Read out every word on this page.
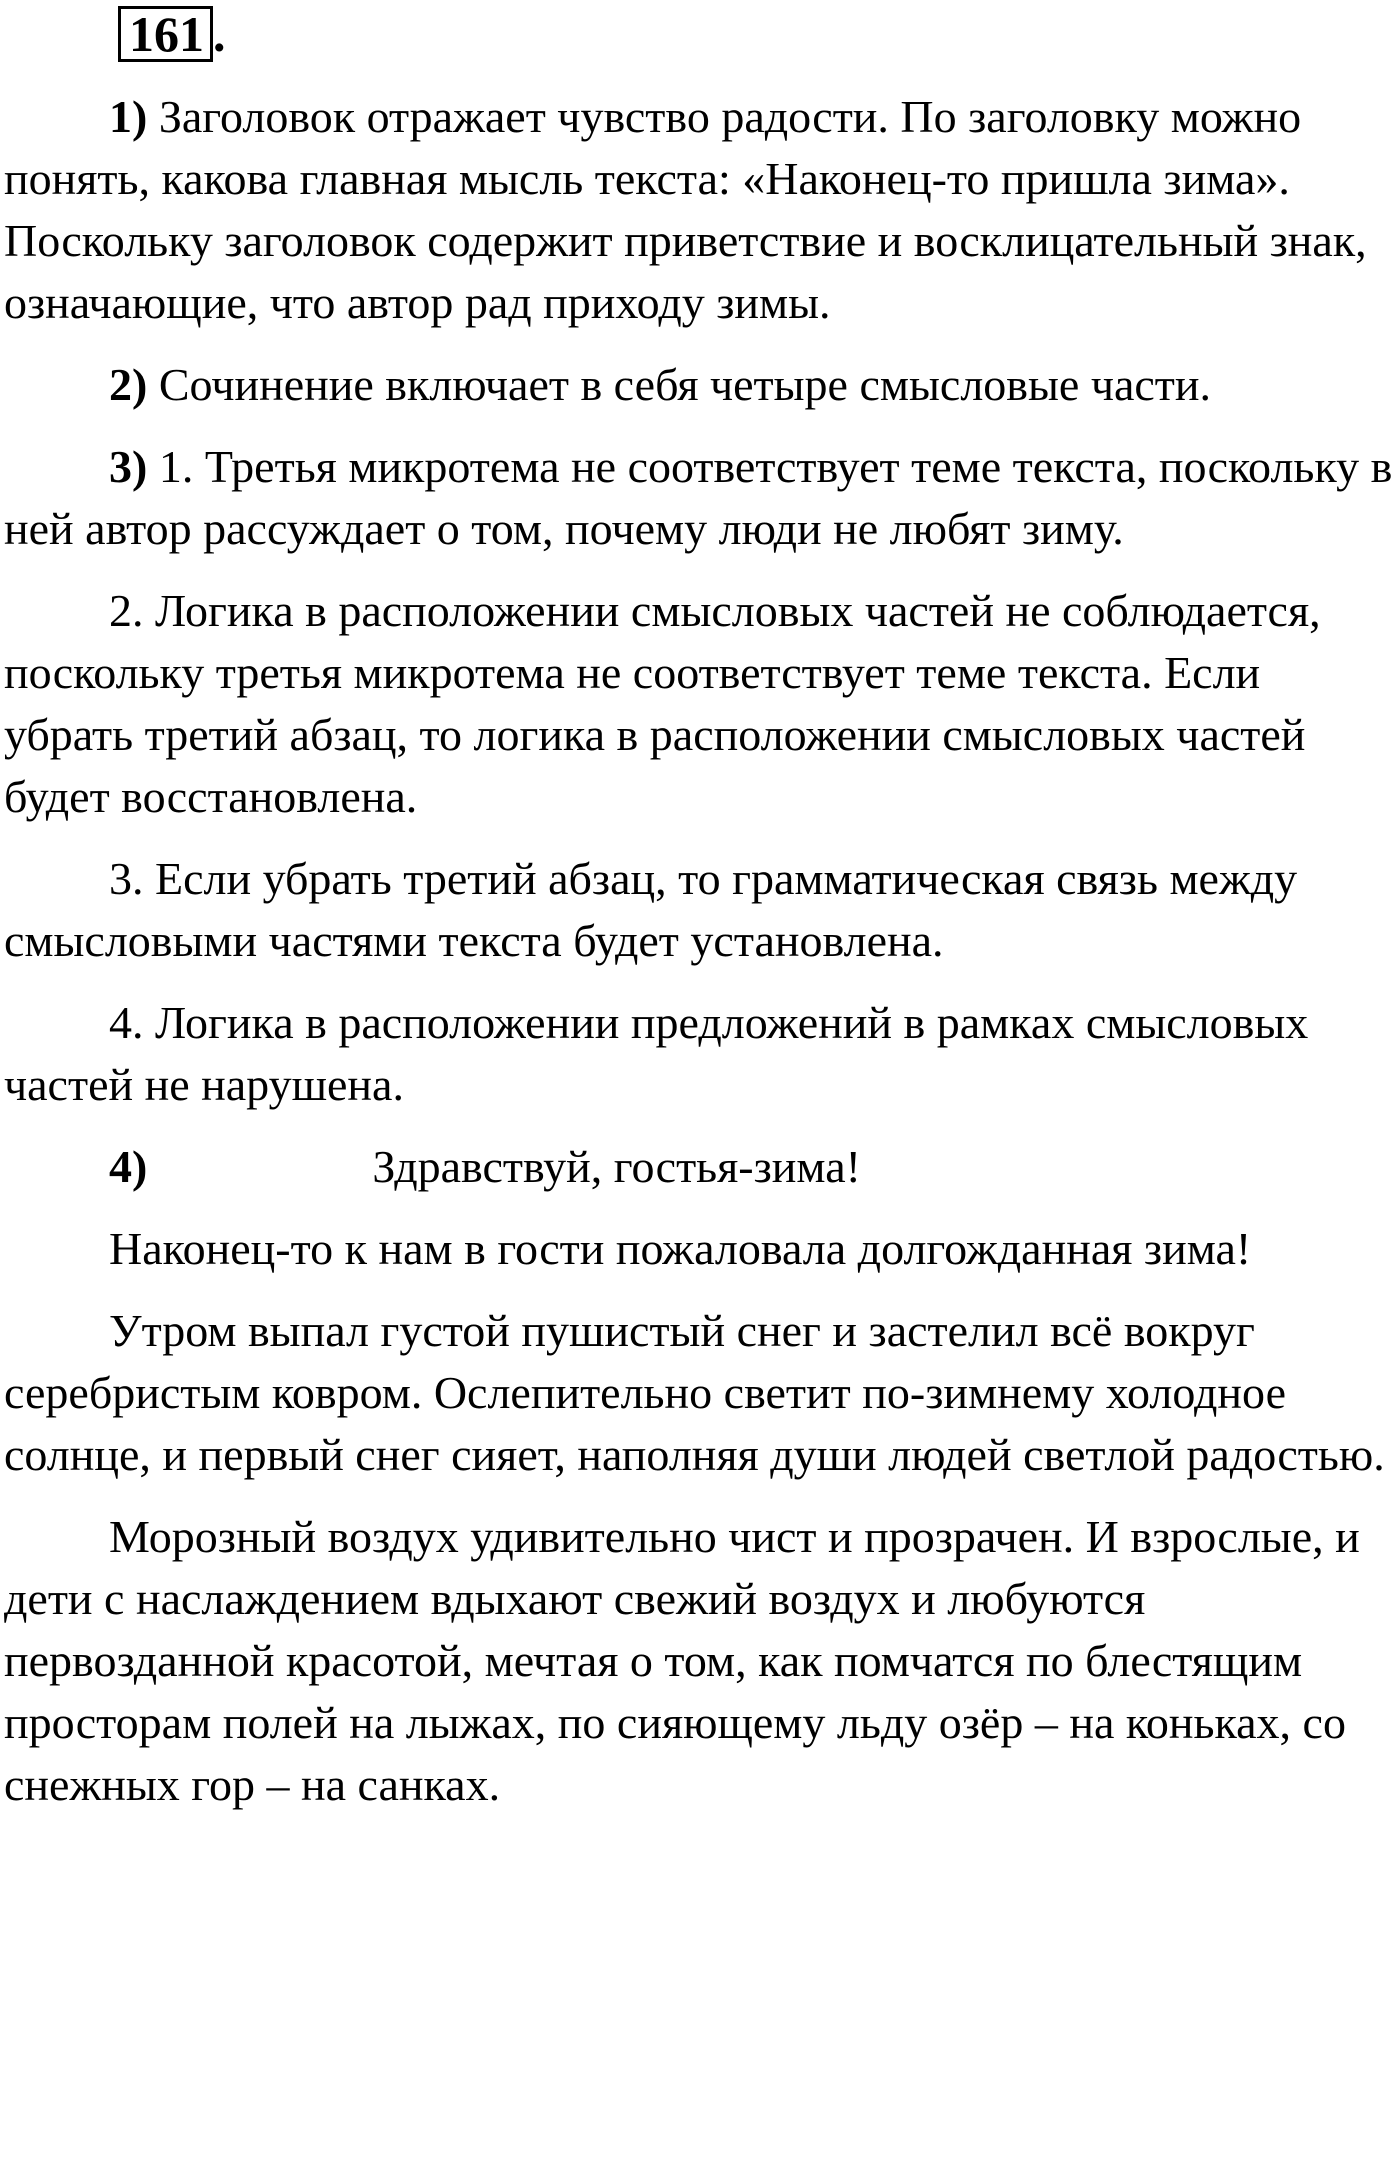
161 .

1) Заголовок отражает чувство радости. По заголовку можно понять, какова главная мысль текста: «Наконец-то пришла зима». Поскольку заголовок содержит приветствие и восклицательный знак, означающие, что автор рад приходу зимы.

2) Сочинение включает в себя четыре смысловые части.

3) 1. Третья микротема не соответствует теме текста, поскольку в ней автор рассуждает о том, почему люди не любят зиму.

2. Логика в расположении смысловых частей не соблюдается, поскольку третья микротема не соответствует теме текста. Если убрать третий абзац, то логика в расположении смысловых частей будет восстановлена.

3. Если убрать третий абзац, то грамматическая связь между смысловыми частями текста будет установлена.

4. Логика в расположении предложений в рамках смысловых частей не нарушена.

4)	Здравствуй, гостья-зима!

Наконец-то к нам в гости пожаловала долгожданная зима!

Утром выпал густой пушистый снег и застелил всё вокруг серебристым ковром. Ослепительно светит по-зимнему холодное солнце, и первый снег сияет, наполняя души людей светлой радостью.

Морозный воздух удивительно чист и прозрачен. И взрослые, и дети с наслаждением вдыхают свежий воздух и любуются первозданной красотой, мечтая о том, как помчатся по блестящим просторам полей на лыжах, по сияющему льду озёр – на коньках, со снежных гор – на санках.
